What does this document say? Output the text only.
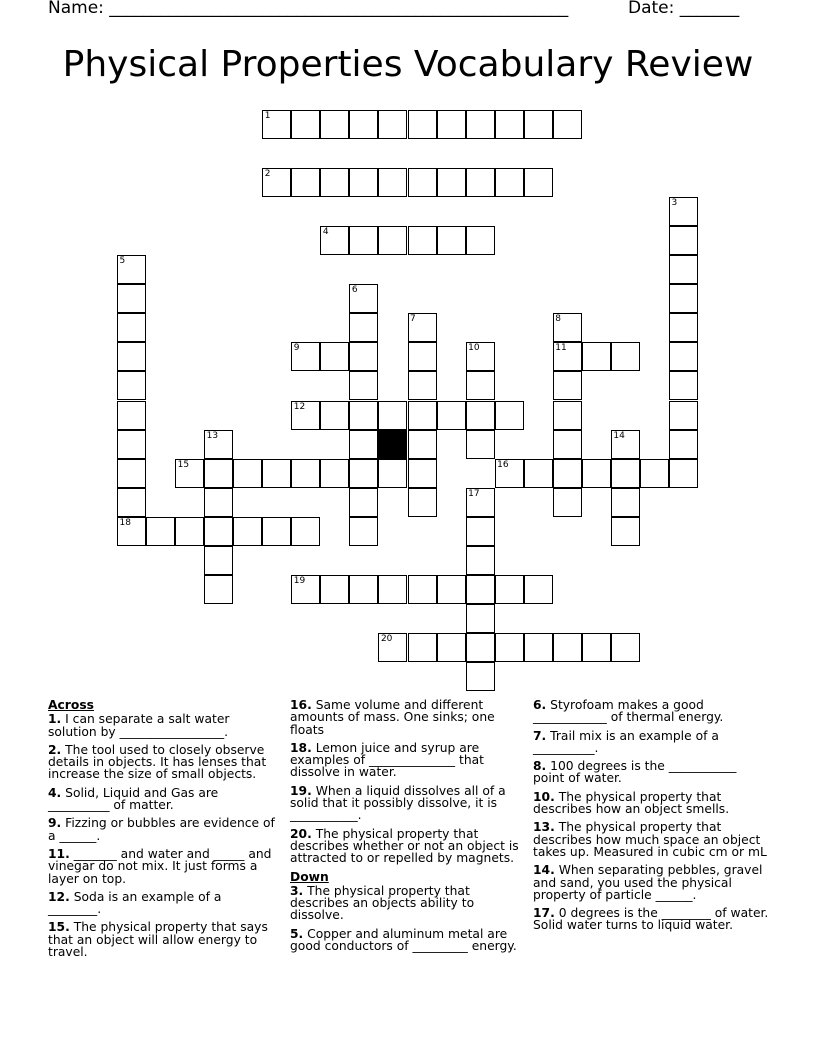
Name: ______________________________________________________	Date: _______
Physical Properties Vocabulary Review
1
2
4
9	11
12
15	16
18
19
20
3
5
6
7	8
10
13	14
17
Across
1. I can separate a salt water solution by _________________.
2. The tool used to closely observe details in objects. It has lenses that increase the size of small objects.
4. Solid, Liquid and Gas are __________ of matter.
9. Fizzing or bubbles are evidence of a ______.
11. _______ and water and _____ and vinegar do not mix. It just forms a layer on top.
12. Soda is an example of a ________.
15. The physical property that says that an object will allow energy to travel.
16. Same volume and different amounts of mass. One sinks; one floats
18. Lemon juice and syrup are examples of ______________ that dissolve in water.
19. When a liquid dissolves all of a solid that it possibly dissolve, it is ___________.
20. The physical property that describes whether or not an object is attracted to or repelled by magnets.
Down
3. The physical property that describes an objects ability to dissolve.
5. Copper and aluminum metal are good conductors of _________ energy.
6. Styrofoam makes a good ____________ of thermal energy.
7. Trail mix is an example of a __________.
8. 100 degrees is the ___________ point of water.
10. The physical property that describes how an object smells.
13. The physical property that describes how much space an object takes up. Measured in cubic cm or mL
14. When separating pebbles, gravel and sand, you used the physical property of particle ______.
17. 0 degrees is the ________ of water. Solid water turns to liquid water.
